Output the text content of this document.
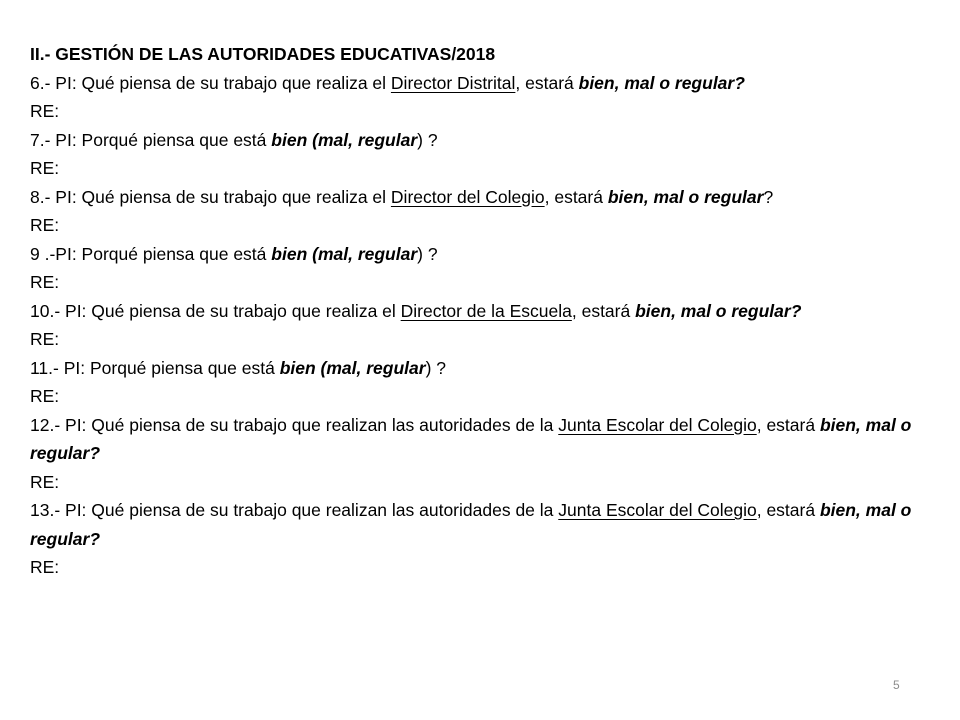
II.- GESTIÓN DE LAS AUTORIDADES EDUCATIVAS/2018

6.- PI: Qué piensa de su trabajo que realiza el Director Distrital, estará bien, mal o regular?

RE:

7.- PI: Porqué piensa que está bien (mal, regular) ?

RE:

8.- PI: Qué piensa de su trabajo que realiza el Director del Colegio, estará bien, mal o regular?

RE:

9 .-PI: Porqué piensa que está bien (mal, regular) ?

RE:

10.- PI: Qué piensa de su trabajo que realiza el Director de la Escuela, estará bien, mal o regular?

RE:

11.- PI: Porqué piensa que está bien (mal, regular) ?

RE:

12.- PI: Qué piensa de su trabajo que realizan las autoridades de la Junta Escolar del Colegio, estará bien, mal o regular?

RE:

13.- PI: Qué piensa de su trabajo que realizan las autoridades de la Junta Escolar del Colegio, estará bien, mal o regular?

RE:

5
